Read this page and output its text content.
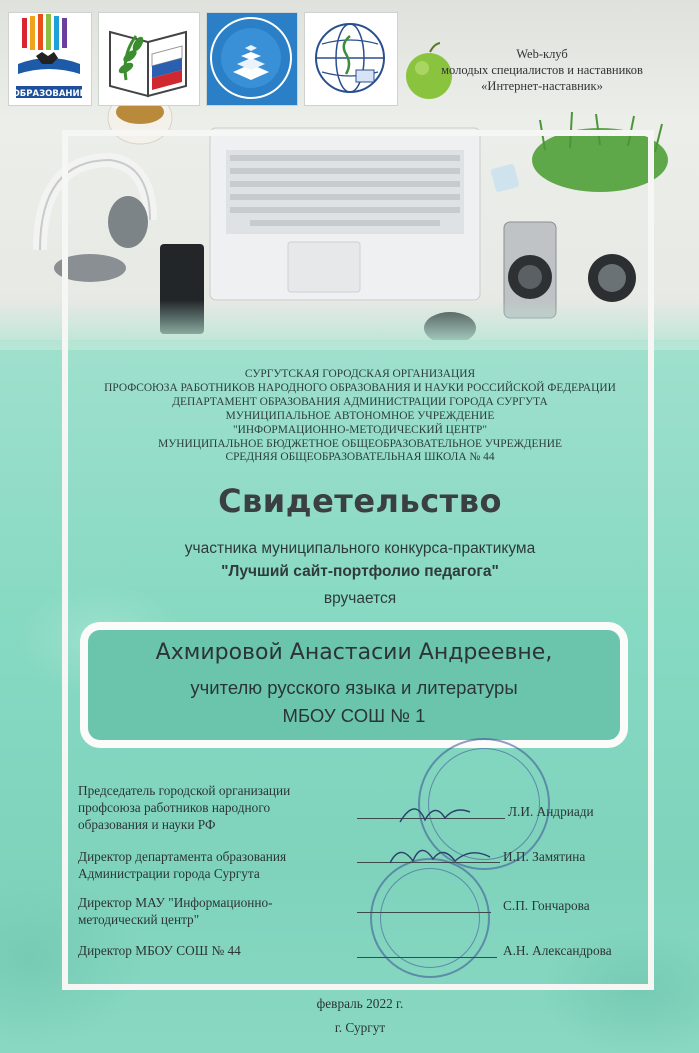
ОБРАЗОВАНИЕ
Web-клуб
молодых специалистов и наставников
«Интернет-наставник»
СУРГУТСКАЯ ГОРОДСКАЯ ОРГАНИЗАЦИЯ
ПРОФСОЮЗА РАБОТНИКОВ НАРОДНОГО ОБРАЗОВАНИЯ И НАУКИ РОССИЙСКОЙ ФЕДЕРАЦИИ
ДЕПАРТАМЕНТ ОБРАЗОВАНИЯ АДМИНИСТРАЦИИ ГОРОДА СУРГУТА
МУНИЦИПАЛЬНОЕ АВТОНОМНОЕ УЧРЕЖДЕНИЕ
"ИНФОРМАЦИОННО-МЕТОДИЧЕСКИЙ ЦЕНТР"
МУНИЦИПАЛЬНОЕ БЮДЖЕТНОЕ ОБЩЕОБРАЗОВАТЕЛЬНОЕ УЧРЕЖДЕНИЕ
СРЕДНЯЯ ОБЩЕОБРАЗОВАТЕЛЬНАЯ ШКОЛА № 44
Свидетельство
участника муниципального конкурса-практикума
"Лучший сайт-портфолио педагога"
вручается
Ахмировой Анастасии Андреевне,
учителю русского языка и литературы
МБОУ СОШ № 1
Председатель городской организации
профсоюза работников народного
образования и науки РФ
Л.И. Андриади
Директор департамента образования
Администрации города Сургута
И.П. Замятина
Директор МАУ "Информационно-
методический центр"
С.П. Гончарова
Директор МБОУ СОШ № 44	А.Н. Александрова
февраль 2022 г.
г. Сургут
